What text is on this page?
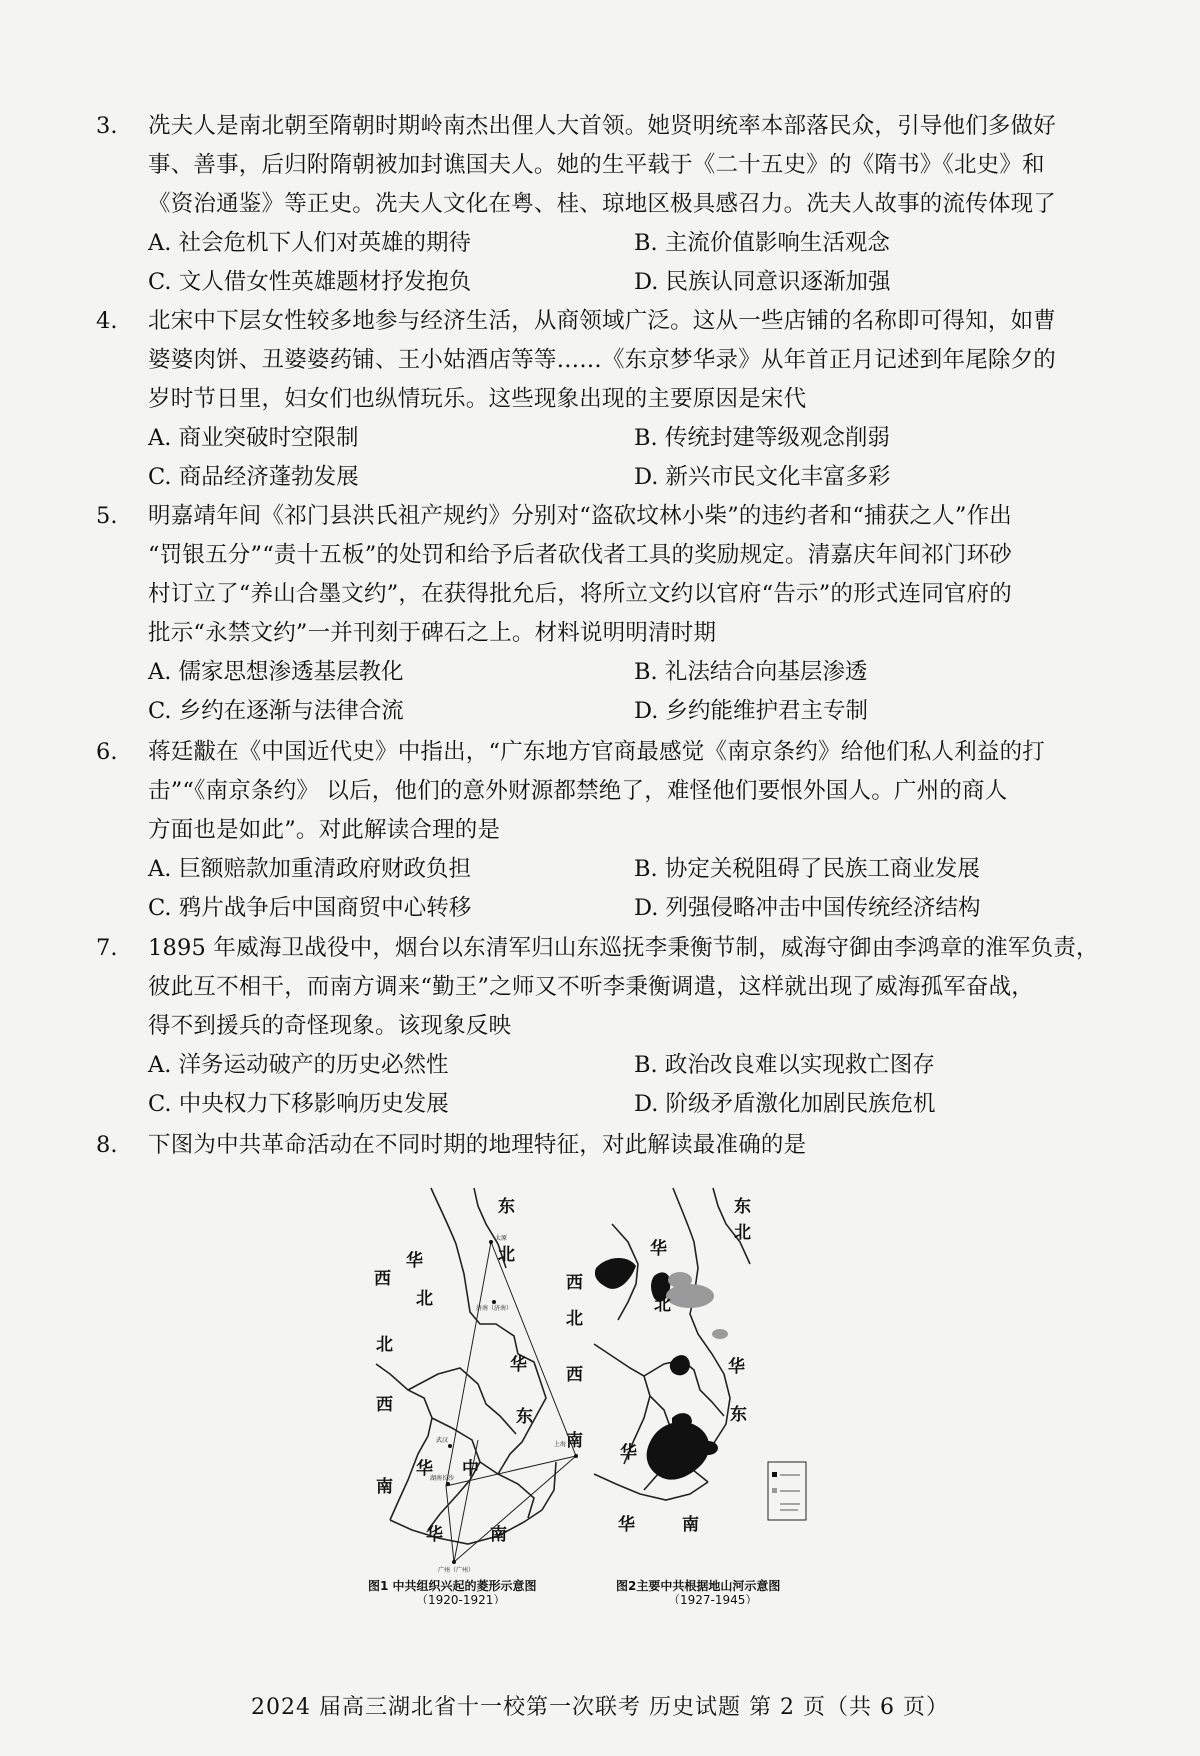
3. 冼夫人是南北朝至隋朝时期岭南杰出俚人大首领。她贤明统率本部落民众，引导他们多做好
事、善事，后归附隋朝被加封谯国夫人。她的生平载于《二十五史》的《隋书》《北史》和
《资治通鉴》等正史。冼夫人文化在粤、桂、琼地区极具感召力。冼夫人故事的流传体现了
A. 社会危机下人们对英雄的期待	B. 主流价值影响生活观念
C. 文人借女性英雄题材抒发抱负	D. 民族认同意识逐渐加强
4. 北宋中下层女性较多地参与经济生活，从商领域广泛。这从一些店铺的名称即可得知，如曹
婆婆肉饼、丑婆婆药铺、王小姑酒店等等……《东京梦华录》从年首正月记述到年尾除夕的
岁时节日里，妇女们也纵情玩乐。这些现象出现的主要原因是宋代
A. 商业突破时空限制	B. 传统封建等级观念削弱
C. 商品经济蓬勃发展	D. 新兴市民文化丰富多彩
5. 明嘉靖年间《祁门县洪氏祖产规约》分别对“盗砍坟林小柴”的违约者和“捕获之人”作出
“罚银五分”“责十五板”的处罚和给予后者砍伐者工具的奖励规定。清嘉庆年间祁门环砂
村订立了“养山合墨文约”，在获得批允后，将所立文约以官府“告示”的形式连同官府的
批示“永禁文约”一并刊刻于碑石之上。材料说明明清时期
A. 儒家思想渗透基层教化	B. 礼法结合向基层渗透
C. 乡约在逐渐与法律合流	D. 乡约能维护君主专制
6. 蒋廷黻在《中国近代史》中指出，“广东地方官商最感觉《南京条约》给他们私人利益的打
击”“《南京条约》 以后，他们的意外财源都禁绝了，难怪他们要恨外国人。广州的商人
方面也是如此”。对此解读合理的是
A. 巨额赔款加重清政府财政负担	B. 协定关税阻碍了民族工商业发展
C. 鸦片战争后中国商贸中心转移	D. 列强侵略冲击中国传统经济结构
7. 1895 年威海卫战役中，烟台以东清军归山东巡抚李秉衡节制，威海守御由李鸿章的淮军负责，
彼此互不相干，而南方调来“勤王”之师又不听李秉衡调遣，这样就出现了威海孤军奋战，
得不到援兵的奇怪现象。该现象反映
A. 洋务运动破产的历史必然性	B. 政治改良难以实现救亡图存
C. 中央权力下移影响历史发展	D. 阶级矛盾激化加剧民族危机
8. 下图为中共革命活动在不同时期的地理特征，对此解读最准确的是
太原
济南（济南）
上海
武汉
湖南长沙
广州（广州）
东
北
华
北
西
北
华
东
西
华 中
南
华	南
图1 中共组织兴起的菱形示意图
（1920-1921）
东
北
华
北
西
北
华
西
东
华 中
南
华	南
图2主要中共根据地山河示意图
（1927-1945）
2024 届高三湖北省十一校第一次联考 历史试题 第 2 页（共 6 页）
